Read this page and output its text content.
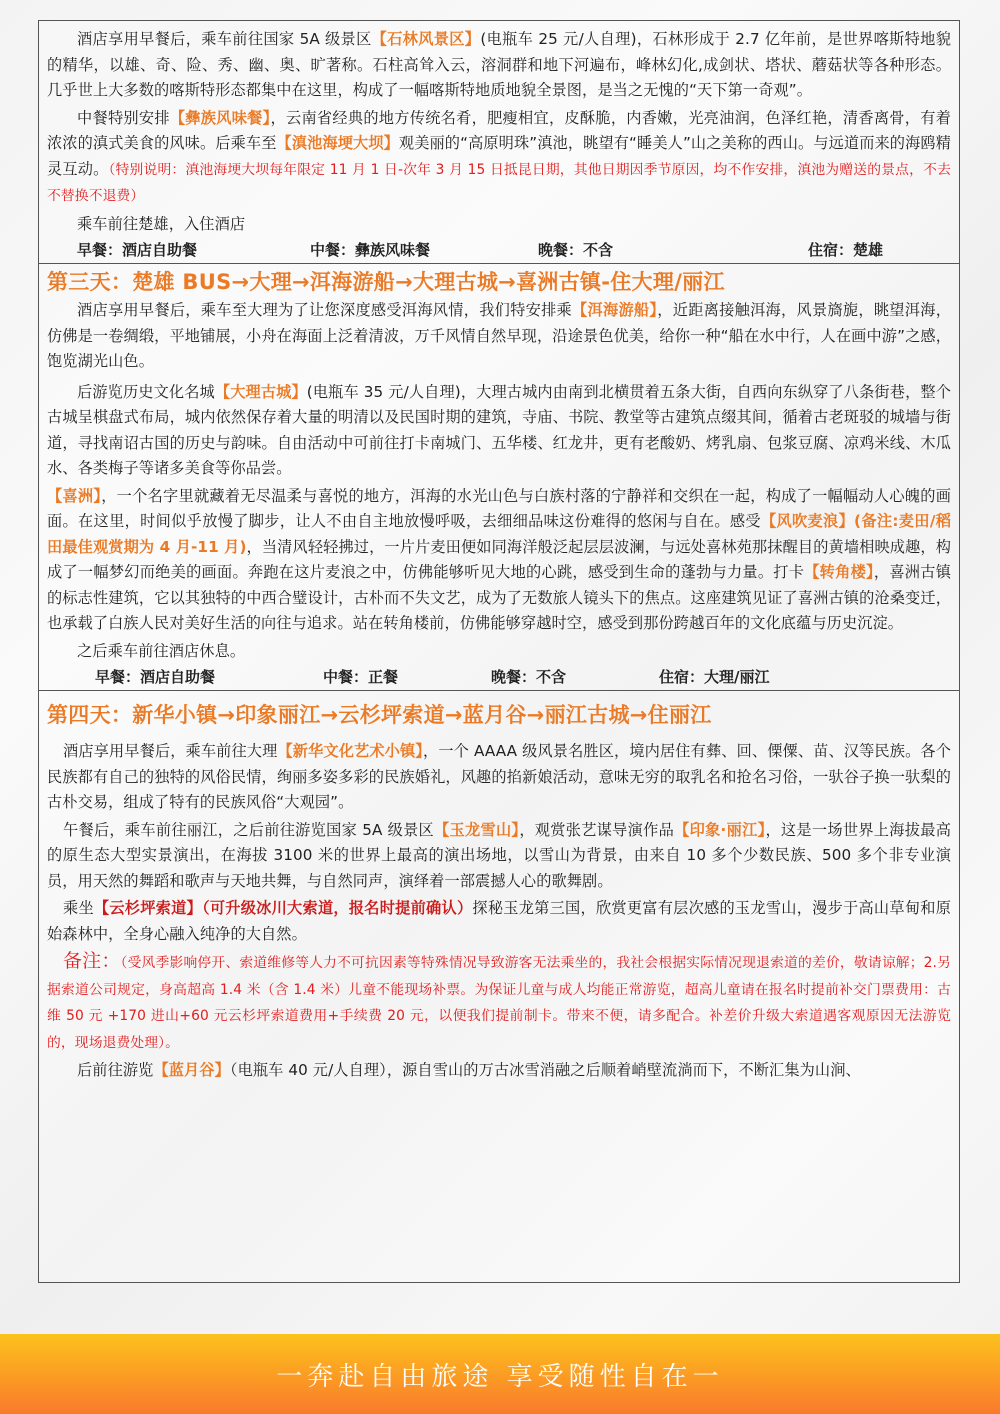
酒店享用早餐后，乘车前往国家 5A 级景区【石林风景区】(电瓶车 25 元/人自理)，石林形成于 2.7 亿年前，是世界喀斯特地貌的精华，以雄、奇、险、秀、幽、奥、旷著称。石柱高耸入云，溶洞群和地下河遍布，峰林幻化,成剑状、塔状、蘑菇状等各种形态。几乎世上大多数的喀斯特形态都集中在这里，构成了一幅喀斯特地质地貌全景图，是当之无愧的“天下第一奇观”。

中餐特别安排【彝族风味餐】，云南省经典的地方传统名肴，肥瘦相宜，皮酥脆，内香嫩，光亮油润，色泽红艳，清香离骨，有着浓浓的滇式美食的风味。后乘车至【滇池海埂大坝】观美丽的“高原明珠”滇池，眺望有“睡美人”山之美称的西山。与远道而来的海鸥精灵互动。（特别说明：滇池海埂大坝每年限定 11 月 1 日-次年 3 月 15 日抵昆日期，其他日期因季节原因，均不作安排，滇池为赠送的景点，不去不替换不退费）

乘车前往楚雄，入住酒店

早餐：酒店自助餐	中餐：彝族风味餐	晚餐：不含	住宿：楚雄
第三天：楚雄 BUS→大理→洱海游船→大理古城→喜洲古镇-住大理/丽江

酒店享用早餐后，乘车至大理为了让您深度感受洱海风情，我们特安排乘【洱海游船】，近距离接触洱海，风景旖旎，眺望洱海，仿佛是一卷绸缎，平地铺展，小舟在海面上泛着清波，万千风情自然早现，沿途景色优美，给你一种“船在水中行，人在画中游”之感，饱览湖光山色。

后游览历史文化名城【大理古城】(电瓶车 35 元/人自理)，大理古城内由南到北横贯着五条大街，自西向东纵穿了八条街巷，整个古城呈棋盘式布局，城内依然保存着大量的明清以及民国时期的建筑，寺庙、书院、教堂等古建筑点缀其间，循着古老斑驳的城墙与街道，寻找南诏古国的历史与韵味。自由活动中可前往打卡南城门、五华楼、红龙井，更有老酸奶、烤乳扇、包浆豆腐、凉鸡米线、木瓜水、各类梅子等诸多美食等你品尝。

【喜洲】，一个名字里就藏着无尽温柔与喜悦的地方，洱海的水光山色与白族村落的宁静祥和交织在一起，构成了一幅幅动人心魄的画面。在这里，时间似乎放慢了脚步，让人不由自主地放慢呼吸，去细细品味这份难得的悠闲与自在。感受【风吹麦浪】(备注:麦田/稻田最佳观赏期为 4 月-11 月)，当清风轻轻拂过，一片片麦田便如同海洋般泛起层层波澜，与远处喜林苑那抹醒目的黄墙相映成趣，构成了一幅梦幻而绝美的画面。奔跑在这片麦浪之中，仿佛能够听见大地的心跳，感受到生命的蓬勃与力量。打卡【转角楼】，喜洲古镇的标志性建筑，它以其独特的中西合璧设计，古朴而不失文艺，成为了无数旅人镜头下的焦点。这座建筑见证了喜洲古镇的沧桑变迁，也承载了白族人民对美好生活的向往与追求。站在转角楼前，仿佛能够穿越时空，感受到那份跨越百年的文化底蕴与历史沉淀。

之后乘车前往酒店休息。

早餐：酒店自助餐	中餐：正餐	晚餐：不含	住宿：大理/丽江
第四天：新华小镇→印象丽江→云杉坪索道→蓝月谷→丽江古城→住丽江

酒店享用早餐后，乘车前往大理【新华文化艺术小镇】，一个 AAAA 级风景名胜区，境内居住有彝、回、傈僳、苗、汉等民族。各个民族都有自己的独特的风俗民情，绚丽多姿多彩的民族婚礼，风趣的掐新娘活动，意味无穷的取乳名和抢名习俗，一驮谷子换一驮梨的古朴交易，组成了特有的民族风俗“大观园”。

午餐后，乘车前往丽江，之后前往游览国家 5A 级景区【玉龙雪山】，观赏张艺谋导演作品【印象·丽江】，这是一场世界上海拔最高的原生态大型实景演出，在海拔 3100 米的世界上最高的演出场地，以雪山为背景，由来自 10 多个少数民族、500 多个非专业演员，用天然的舞蹈和歌声与天地共舞，与自然同声，演绎着一部震撼人心的歌舞剧。

乘坐【云杉坪索道】（可升级冰川大索道，报名时提前确认）探秘玉龙第三国，欣赏更富有层次感的玉龙雪山，漫步于高山草甸和原始森林中，全身心融入纯净的大自然。

备注：（受风季影响停开、索道维修等人力不可抗因素等特殊情况导致游客无法乘坐的，我社会根据实际情况现退索道的差价，敬请谅解；2.另据索道公司规定，身高超高 1.4 米（含 1.4 米）儿童不能现场补票。为保证儿童与成人均能正常游览，超高儿童请在报名时提前补交门票费用：古维 50 元 +170 进山+60 元云杉坪索道费用+手续费 20 元，以便我们提前制卡。带来不便，请多配合。补差价升级大索道遇客观原因无法游览的，现场退费处理）。

后前往游览【蓝月谷】（电瓶车 40 元/人自理），源自雪山的万古冰雪消融之后顺着峭壁流淌而下，不断汇集为山涧、

一奔赴自由旅途 享受随性自在一
